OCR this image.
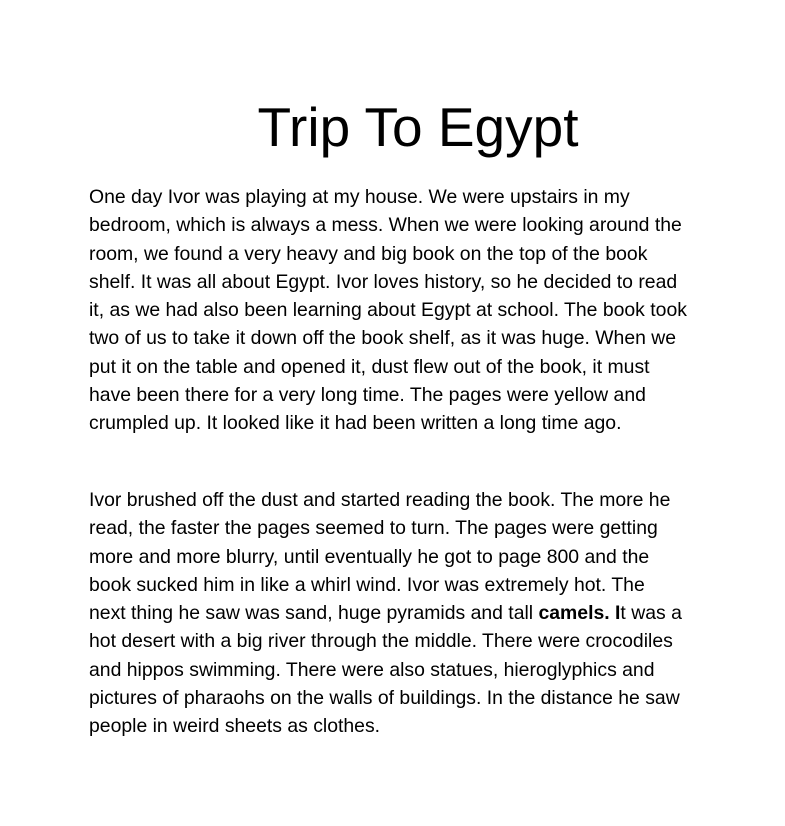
Trip To Egypt

One day Ivor was playing at my house. We were upstairs in my
bedroom, which is always a mess. When we were looking around the
room, we found a very heavy and big book on the top of the book
shelf. It was all about Egypt. Ivor loves history, so he decided to read
it, as we had also been learning about Egypt at school. The book took
two of us to take it down off the book shelf, as it was huge. When we
put it on the table and opened it, dust flew out of the book, it must
have been there for a very long time. The pages were yellow and
crumpled up. It looked like it had been written a long time ago.

Ivor brushed off the dust and started reading the book. The more he
read, the faster the pages seemed to turn. The pages were getting
more and more blurry, until eventually he got to page 800 and the
book sucked him in like a whirl wind. Ivor was extremely hot. The
next thing he saw was sand, huge pyramids and tall camels. It was a
hot desert with a big river through the middle. There were crocodiles
and hippos swimming. There were also statues, hieroglyphics and
pictures of pharaohs on the walls of buildings. In the distance he saw
people in weird sheets as clothes.
